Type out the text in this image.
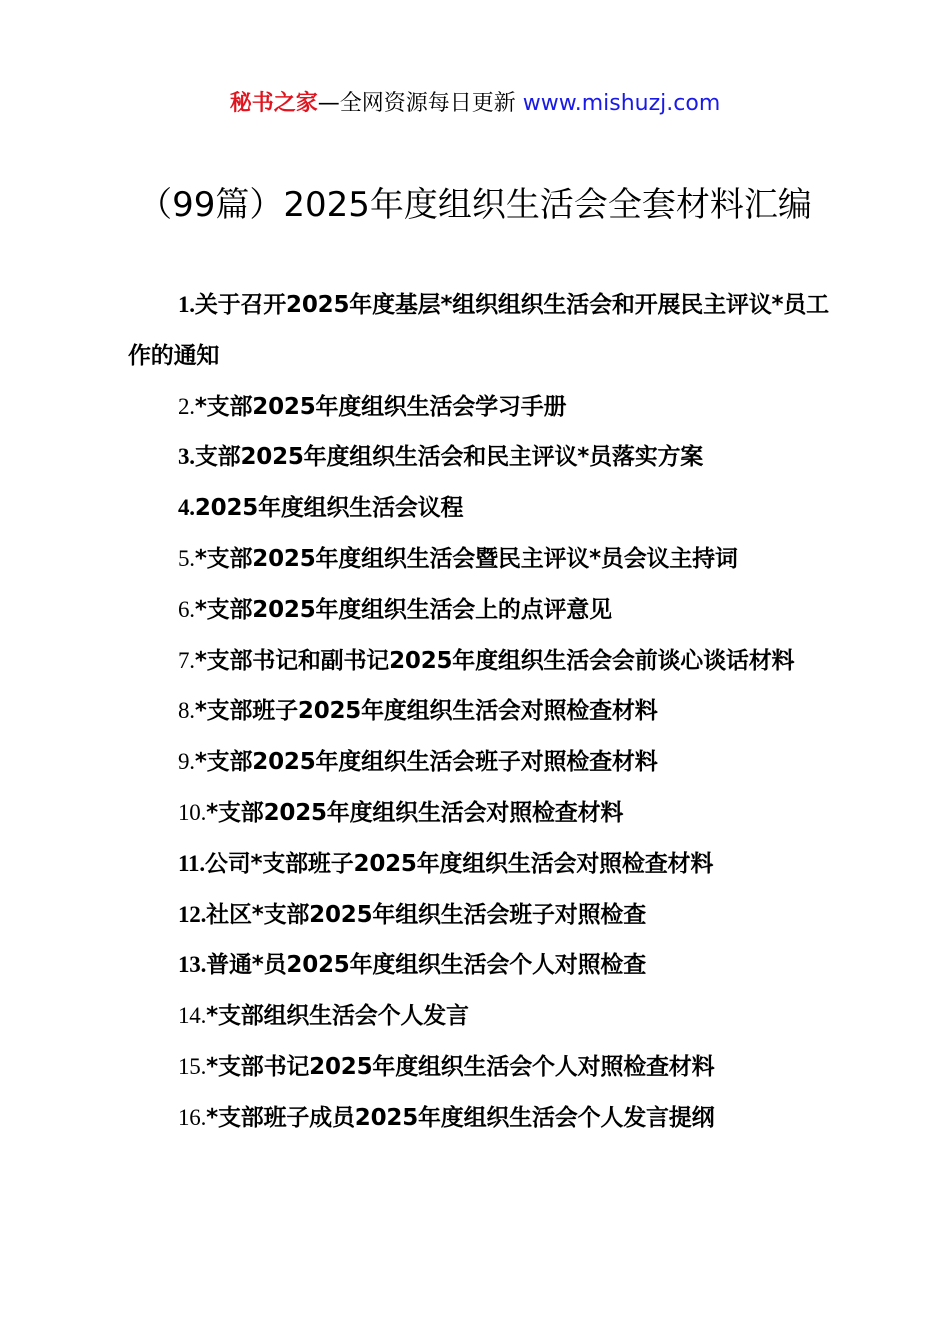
秘书之家—全网资源每日更新 www.mishuzj.com
（99篇）2025年度组织生活会全套材料汇编
1.关于召开2025年度基层*组织组织生活会和开展民主评议*员工作的通知
2.*支部2025年度组织生活会学习手册
3.支部2025年度组织生活会和民主评议*员落实方案
4.2025年度组织生活会议程
5.*支部2025年度组织生活会暨民主评议*员会议主持词
6.*支部2025年度组织生活会上的点评意见
7.*支部书记和副书记2025年度组织生活会会前谈心谈话材料
8.*支部班子2025年度组织生活会对照检查材料
9.*支部2025年度组织生活会班子对照检查材料
10.*支部2025年度组织生活会对照检查材料
11.公司*支部班子2025年度组织生活会对照检查材料
12.社区*支部2025年组织生活会班子对照检查
13.普通*员2025年度组织生活会个人对照检查
14.*支部组织生活会个人发言
15.*支部书记2025年度组织生活会个人对照检查材料
16.*支部班子成员2025年度组织生活会个人发言提纲
